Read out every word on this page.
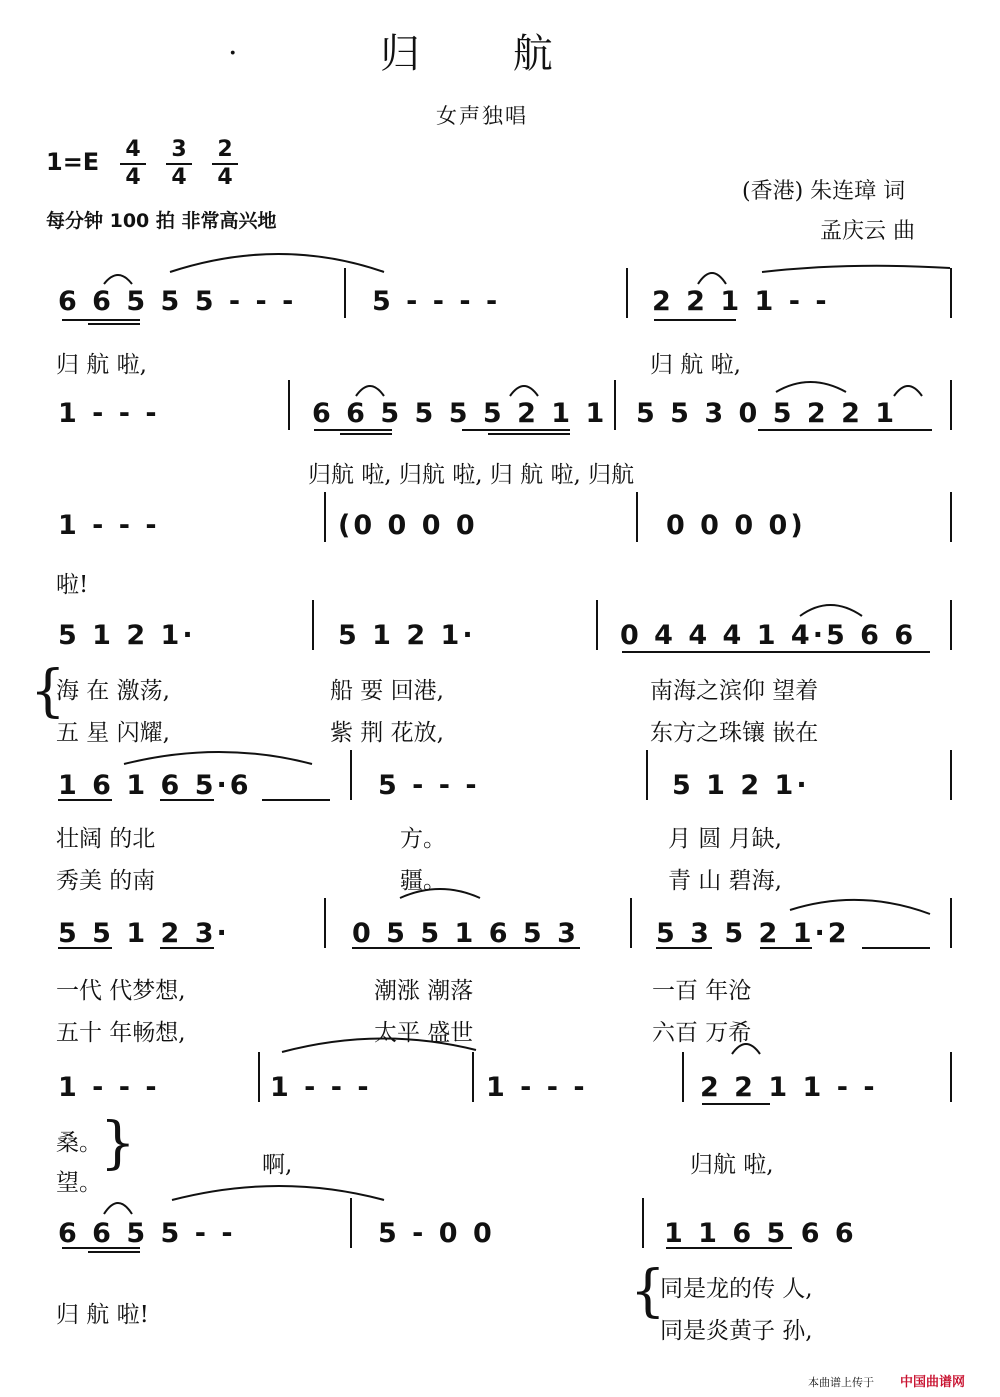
·	归 航
女声独唱
$1=E \frac{4}{4} \frac{3}{4} \frac{2}{4}$
每分钟 100 拍 非常高兴地
(香港) 朱连璋 词
孟庆云 曲
6 6 5 5 5 - - -	5 - - - -	2 2 1 1 - -
归 航 啦,	归 航 啦,
1 - - -	6 6 5 5 5 5 2 1 1 5 5 3 0 5 2 2 1
归航 啦, 归航 啦, 归 航 啦, 归航
1 - - -	(0 0 0 0	0 0 0 0)
啦!
5 1 2 1·	5 1 2 1·	0 4 4 4 1 4·5 6 6
{
海 在 激荡,	船 要 回港,	南海之滨仰 望着
五 星 闪耀,	紫 荆 花放,	东方之珠镶 嵌在
1 6 1 6 5·6	5 - - -	5 1 2 1·
壮阔 的北	方。	月 圆 月缺,
秀美 的南	疆。	青 山 碧海,
5 5 1 2 3·	0 5 5 1 6 5 3	5 3 5 2 1·2
一代 代梦想,	潮涨 潮落	一百 年沧
五十 年畅想,	太平 盛世	六百 万希
1 - - -	1 - - -	1 - - -	2 2 1 1 - -
桑。
望。
}	啊,	归航 啦,
6 6 5 5 - -	5 - 0 0	1 1 6 5 6 6
归 航 啦!	{
同是龙的传 人,
同是炎黄子 孙,
本曲谱上传于 中国曲谱网
